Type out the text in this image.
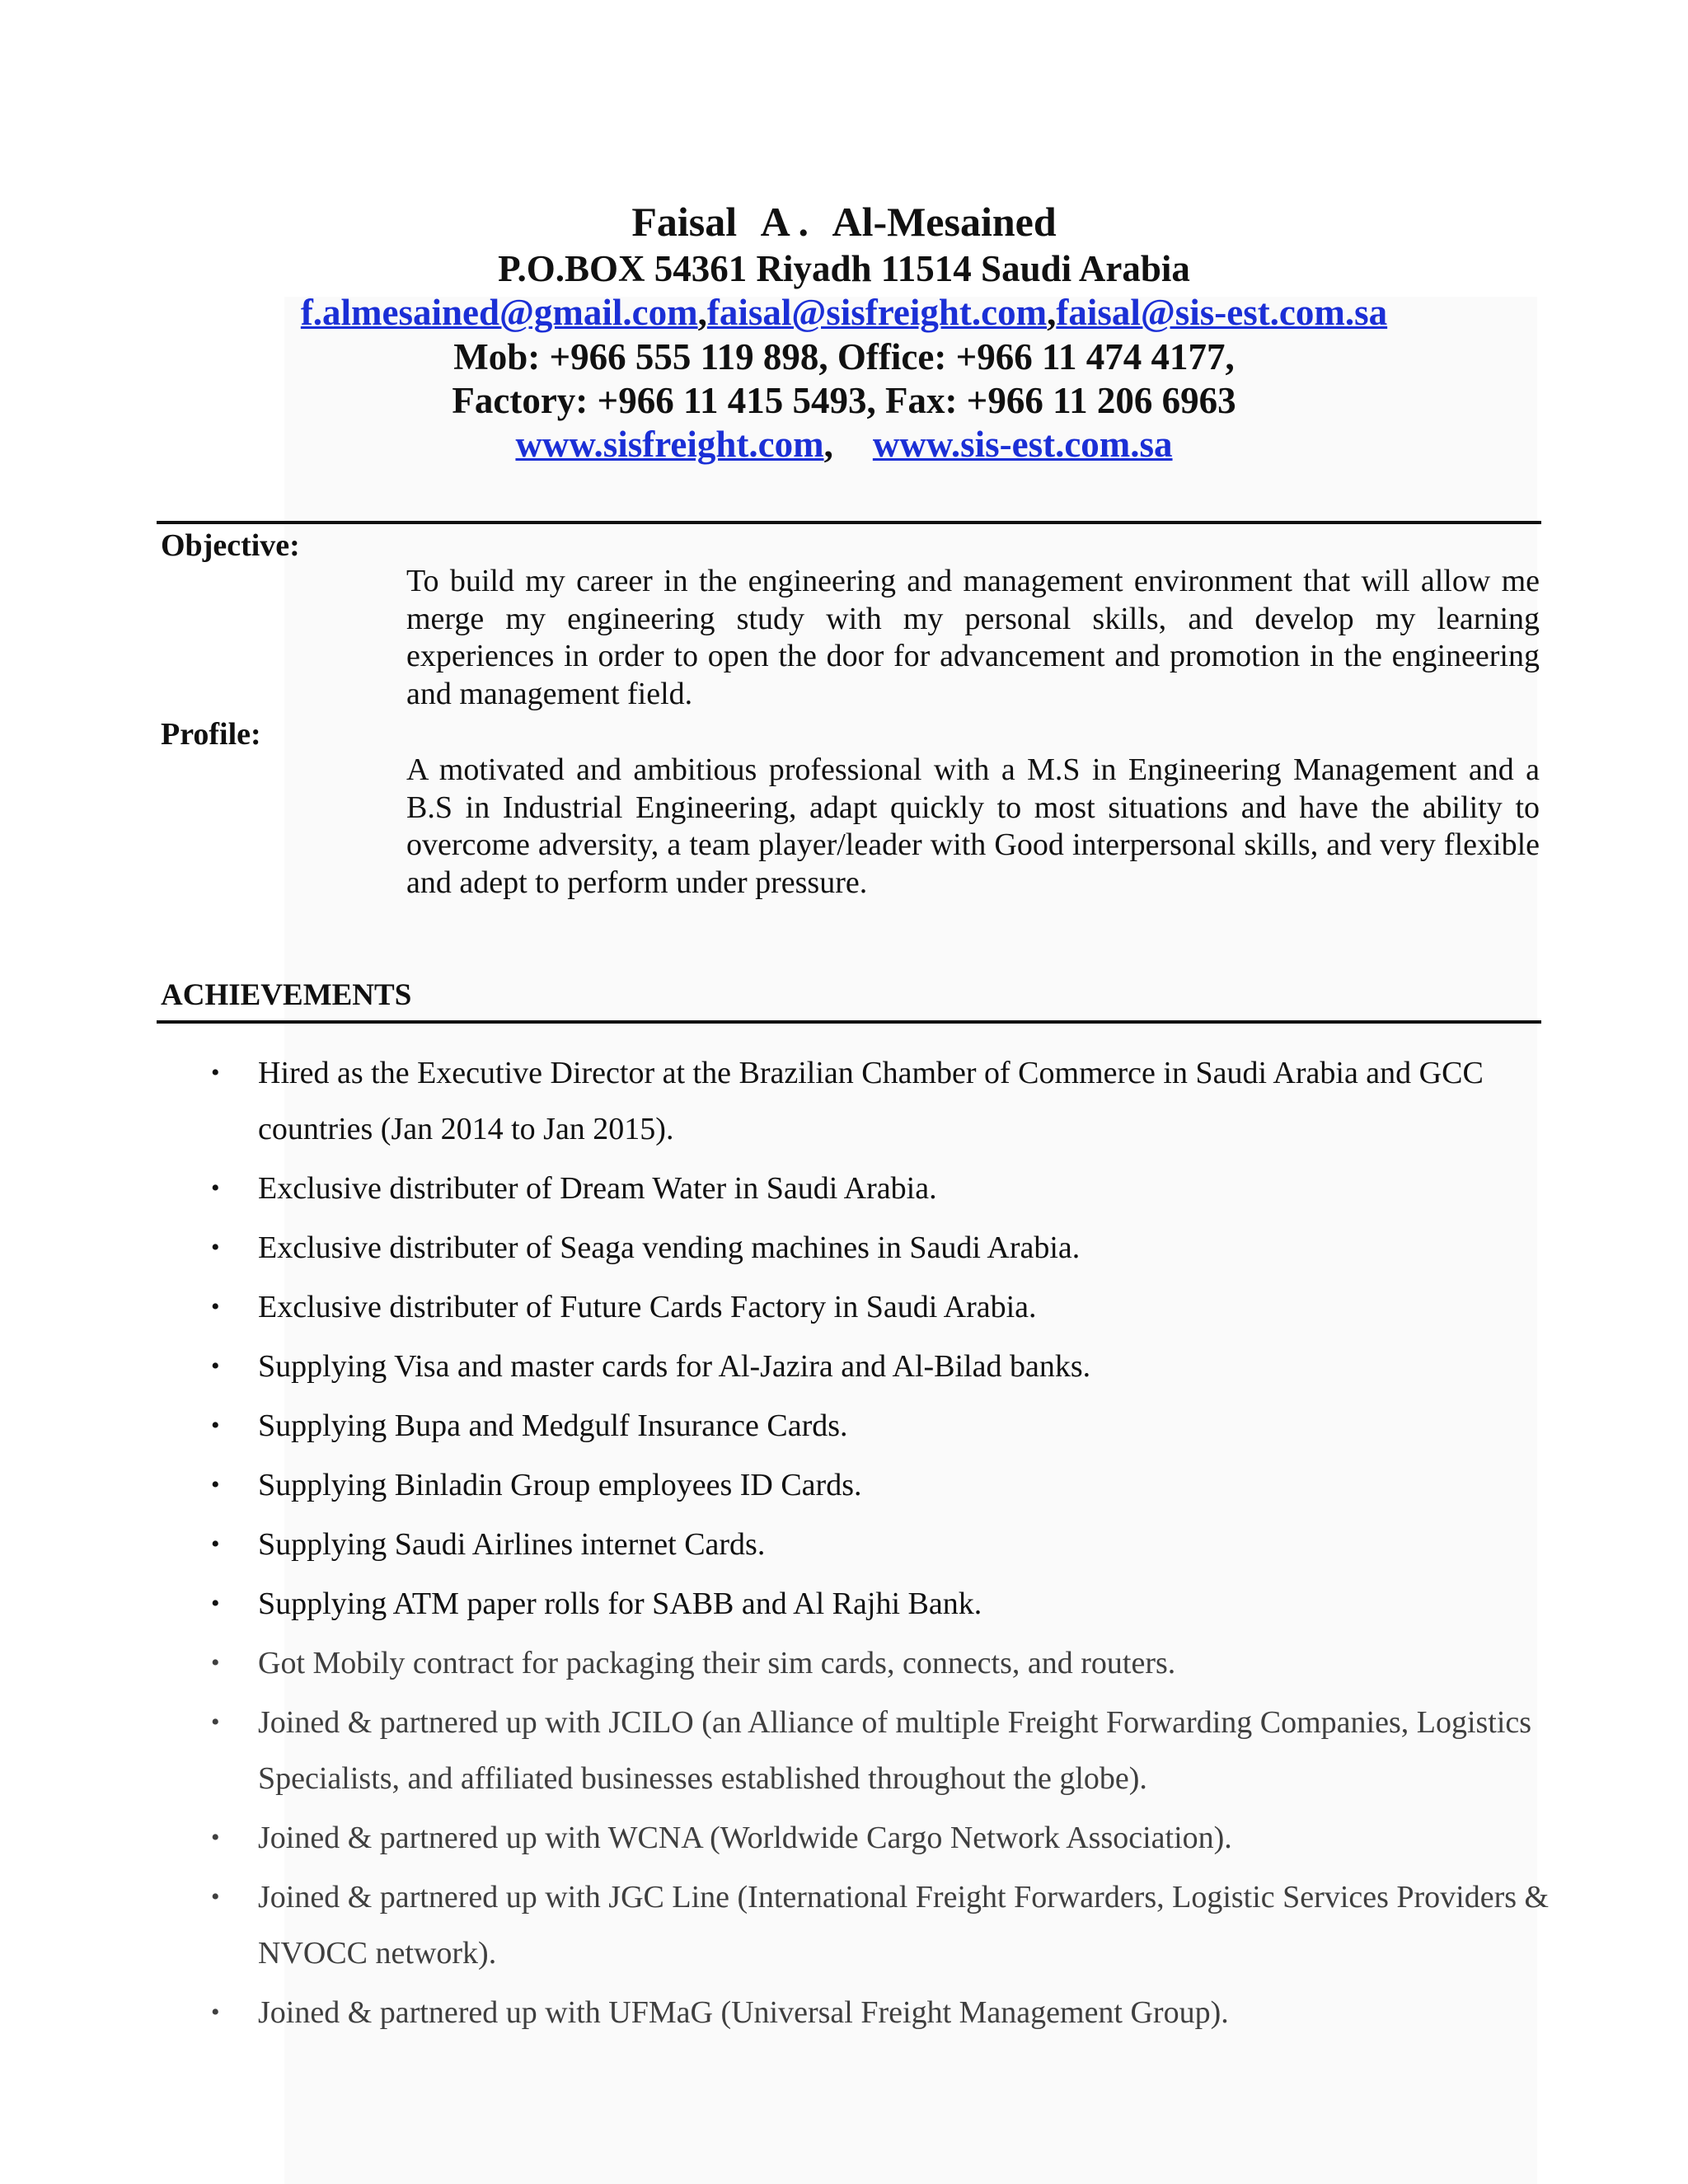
Faisal A . Al-Mesained
P.O.BOX 54361 Riyadh 11514 Saudi Arabia
f.almesained@gmail.com,faisal@sisfreight.com,faisal@sis-est.com.sa
Mob: +966 555 119 898, Office: +966 11 474 4177,
Factory: +966 11 415 5493, Fax: +966 11 206 6963
www.sisfreight.com, www.sis-est.com.sa
Objective:
To build my career in the engineering and management environment that will allow me merge my engineering study with my personal skills, and develop my learning experiences in order to open the door for advancement and promotion in the engineering and management field.
Profile:
A motivated and ambitious professional with a M.S in Engineering Management and a B.S in Industrial Engineering, adapt quickly to most situations and have the ability to overcome adversity, a team player/leader with Good interpersonal skills, and very flexible and adept to perform under pressure.
ACHIEVEMENTS
• Hired as the Executive Director at the Brazilian Chamber of Commerce in Saudi Arabia and GCC countries (Jan 2014 to Jan 2015).
• Exclusive distributer of Dream Water in Saudi Arabia.
• Exclusive distributer of Seaga vending machines in Saudi Arabia.
• Exclusive distributer of Future Cards Factory in Saudi Arabia.
• Supplying Visa and master cards for Al-Jazira and Al-Bilad banks.
• Supplying Bupa and Medgulf Insurance Cards.
• Supplying Binladin Group employees ID Cards.
• Supplying Saudi Airlines internet Cards.
• Supplying ATM paper rolls for SABB and Al Rajhi Bank.
• Got Mobily contract for packaging their sim cards, connects, and routers.
• Joined & partnered up with JCILO (an Alliance of multiple Freight Forwarding Companies, Logistics Specialists, and affiliated businesses established throughout the globe).
• Joined & partnered up with WCNA (Worldwide Cargo Network Association).
• Joined & partnered up with JGC Line (International Freight Forwarders, Logistic Services Providers & NVOCC network).
• Joined & partnered up with UFMaG (Universal Freight Management Group).
